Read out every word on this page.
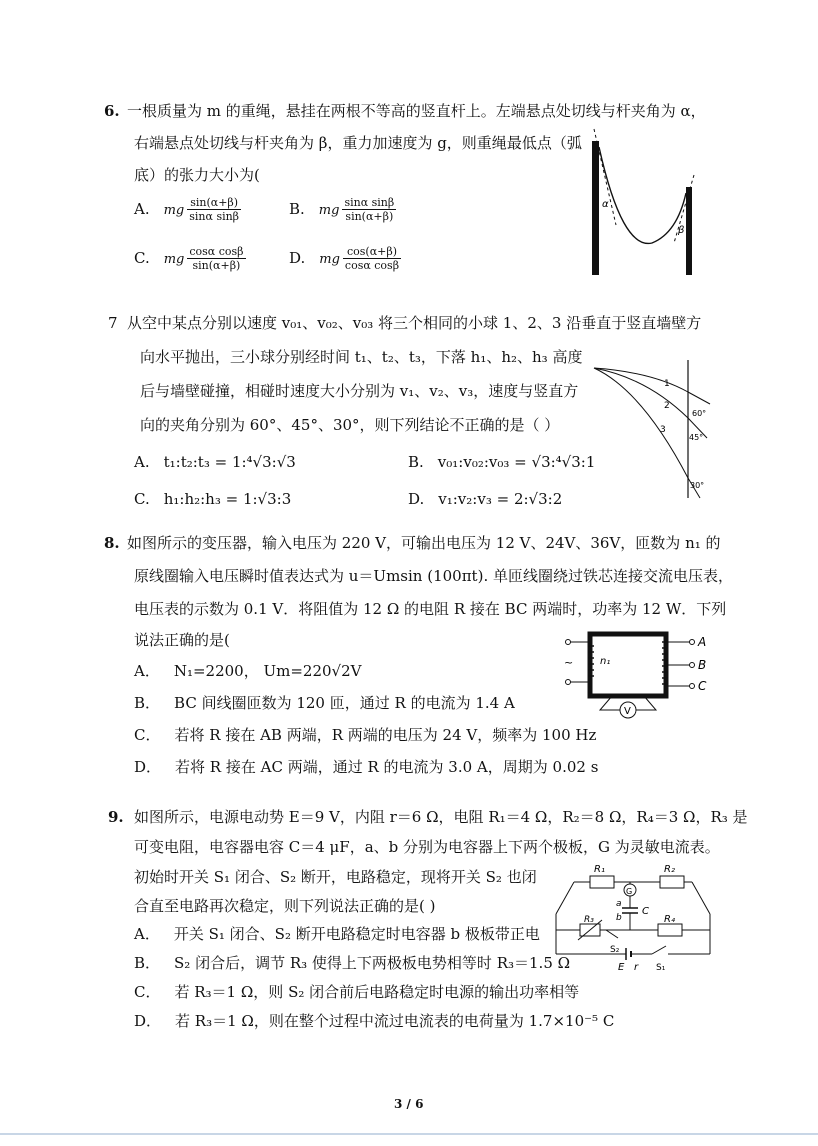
6. 一根质量为 m 的重绳，悬挂在两根不等高的竖直杆上。左端悬点处切线与杆夹角为 α，
右端悬点处切线与杆夹角为 β，重力加速度为 g，则重绳最低点（弧
底）的张力大小为(
A. mg $\frac{\sin(\alpha+\beta)}{\text{sinα sinβ}}$	B. mg $\frac{\text{sinα sinβ}}{\sin(\alpha+\beta)}$
C. mg $\frac{\text{cosα cosβ}}{\sin(\alpha+\beta)}$	D. mg $\frac{\cos(\alpha+\beta)}{\text{cosα cosβ}}$
α
β
7 从空中某点分别以速度 v₀₁、v₀₂、v₀₃ 将三个相同的小球 1、2、3 沿垂直于竖直墙壁方
向水平抛出，三小球分别经时间 t₁、t₂、t₃，下落 h₁、h₂、h₃ 高度
后与墙壁碰撞，相碰时速度大小分别为 v₁、v₂、v₃，速度与竖直方
向的夹角分别为 60°、45°、30°，则下列结论不正确的是（ ）
A. t₁:t₂:t₃ = 1:⁴√3:√3	B. v₀₁:v₀₂:v₀₃ = √3:⁴√3:1
C. h₁:h₂:h₃ = 1:√3:3	D. v₁:v₂:v₃ = 2:√3:2
1
2
3
60°
45°
30°
8. 如图所示的变压器，输入电压为 220 V，可输出电压为 12 V、24V、36V，匝数为 n₁ 的
原线圈输入电压瞬时值表达式为 u＝Umsin (100πt). 单匝线圈绕过铁芯连接交流电压表，
电压表的示数为 0.1 V．将阻值为 12 Ω 的电阻 R 接在 BC 两端时，功率为 12 W．下列
说法正确的是(
A． N₁=2200， Um=220√2V
B． BC 间线圈匝数为 120 匝，通过 R 的电流为 1.4 A
C． 若将 R 接在 AB 两端，R 两端的电压为 24 V，频率为 100 Hz
D． 若将 R 接在 AC 两端，通过 R 的电流为 3.0 A，周期为 0.02 s
~	n₁
A
B
C
V
9. 如图所示，电源电动势 E＝9 V，内阻 r＝6 Ω，电阻 R₁＝4 Ω，R₂＝8 Ω，R₄＝3 Ω，R₃ 是
可变电阻，电容器电容 C＝4 μF，a、b 分别为电容器上下两个极板，G 为灵敏电流表。
初始时开关 S₁ 闭合、S₂ 断开，电路稳定，现将开关 S₂ 也闭
合直至电路再次稳定，则下列说法正确的是( )
A． 开关 S₁ 闭合、S₂ 断开电路稳定时电容器 b 极板带正电
B． S₂ 闭合后，调节 R₃ 使得上下两极板电势相等时 R₃＝1.5 Ω
C． 若 R₃＝1 Ω，则 S₂ 闭合前后电路稳定时电源的输出功率相等
D． 若 R₃＝1 Ω，则在整个过程中流过电流表的电荷量为 1.7×10⁻⁵ C
R₁	R₂
G
a
b
C
R₃
S₂
R₄
E r S₁
3 / 6
